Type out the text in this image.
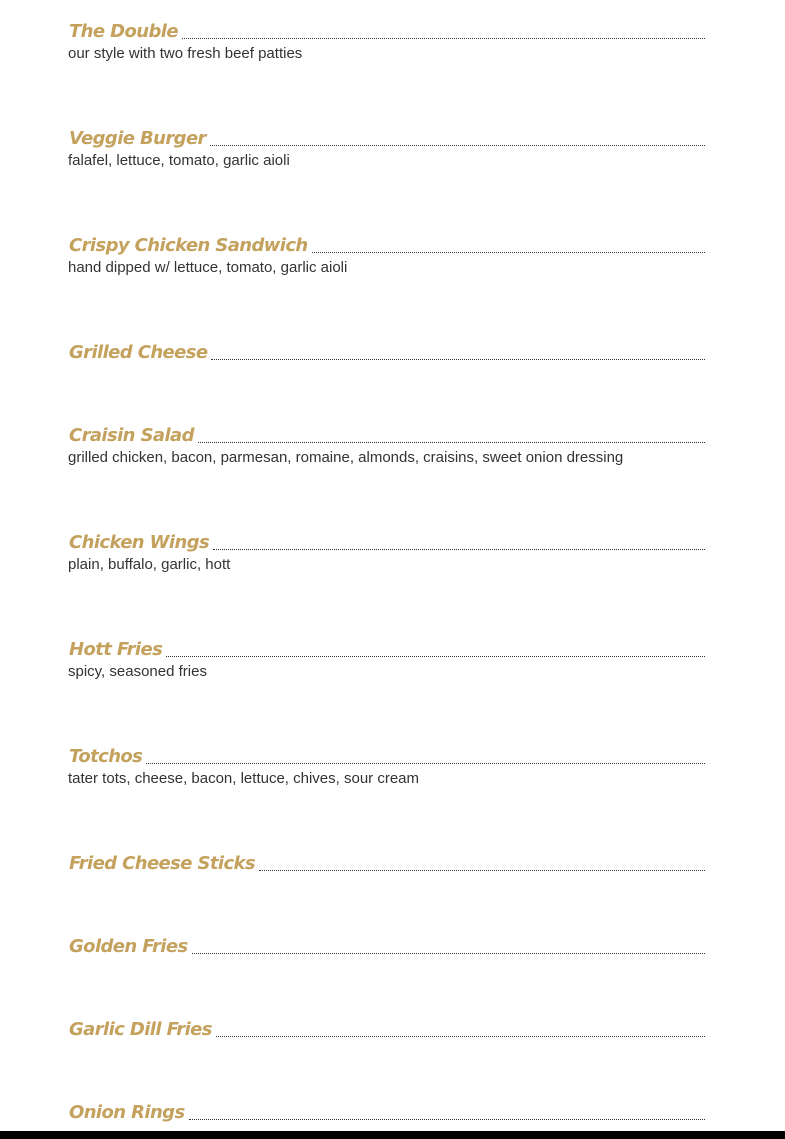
The Double
our style with two fresh beef patties
Veggie Burger
falafel, lettuce, tomato, garlic aioli
Crispy Chicken Sandwich
hand dipped w/ lettuce, tomato, garlic aioli
Grilled Cheese
Craisin Salad
grilled chicken, bacon, parmesan, romaine, almonds, craisins, sweet onion dressing
Chicken Wings
plain, buffalo, garlic, hott
Hott Fries
spicy, seasoned fries
Totchos
tater tots, cheese, bacon, lettuce, chives, sour cream
Fried Cheese Sticks
Golden Fries
Garlic Dill Fries
Onion Rings
